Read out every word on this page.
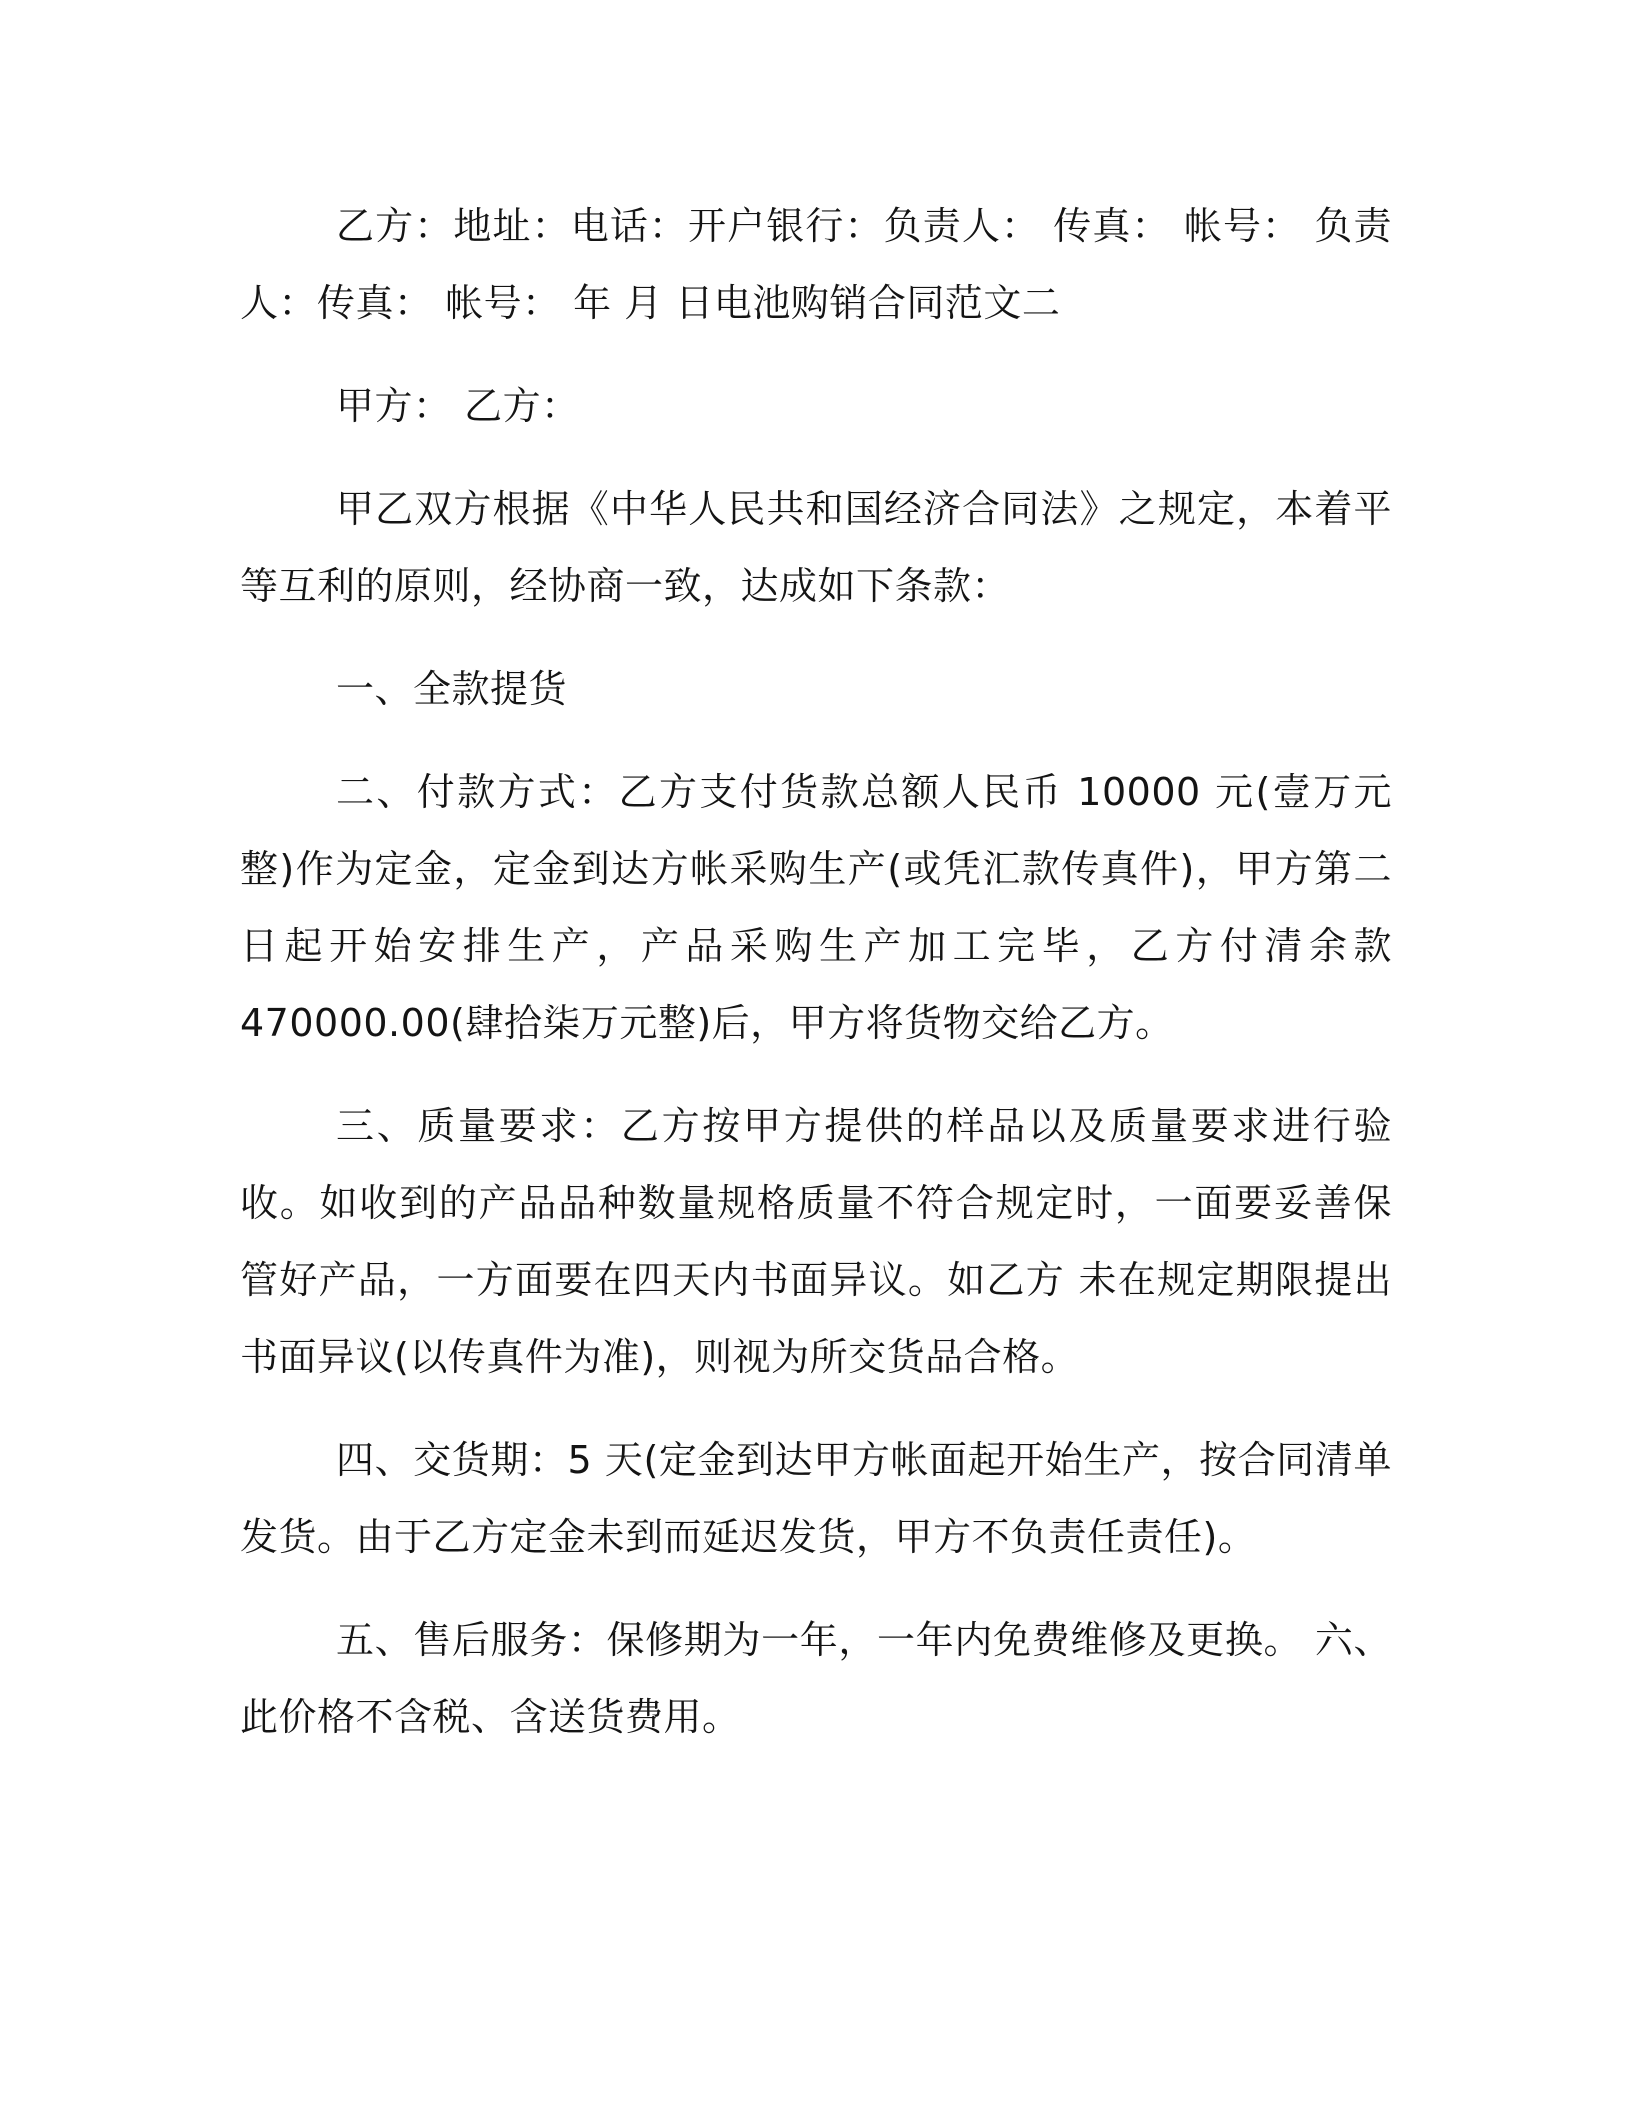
乙方：地址：电话：开户银行：负责人： 传真： 帐号： 负责人：传真： 帐号： 年 月 日电池购销合同范文二

甲方： 乙方：

甲乙双方根据《中华人民共和国经济合同法》之规定，本着平等互利的原则，经协商一致，达成如下条款：

一、全款提货

二、付款方式：乙方支付货款总额人民币 10000 元(壹万元整)作为定金，定金到达方帐采购生产(或凭汇款传真件)，甲方第二日起开始安排生产，产品采购生产加工完毕，乙方付清余款 470000.00(肆拾柒万元整)后，甲方将货物交给乙方。

三、质量要求：乙方按甲方提供的样品以及质量要求进行验收。如收到的产品品种数量规格质量不符合规定时，一面要妥善保管好产品，一方面要在四天内书面异议。如乙方 未在规定期限提出书面异议(以传真件为准)，则视为所交货品合格。

四、交货期：5 天(定金到达甲方帐面起开始生产，按合同清单发货。由于乙方定金未到而延迟发货，甲方不负责任责任)。

五、售后服务：保修期为一年，一年内免费维修及更换。 六、此价格不含税、含送货费用。
